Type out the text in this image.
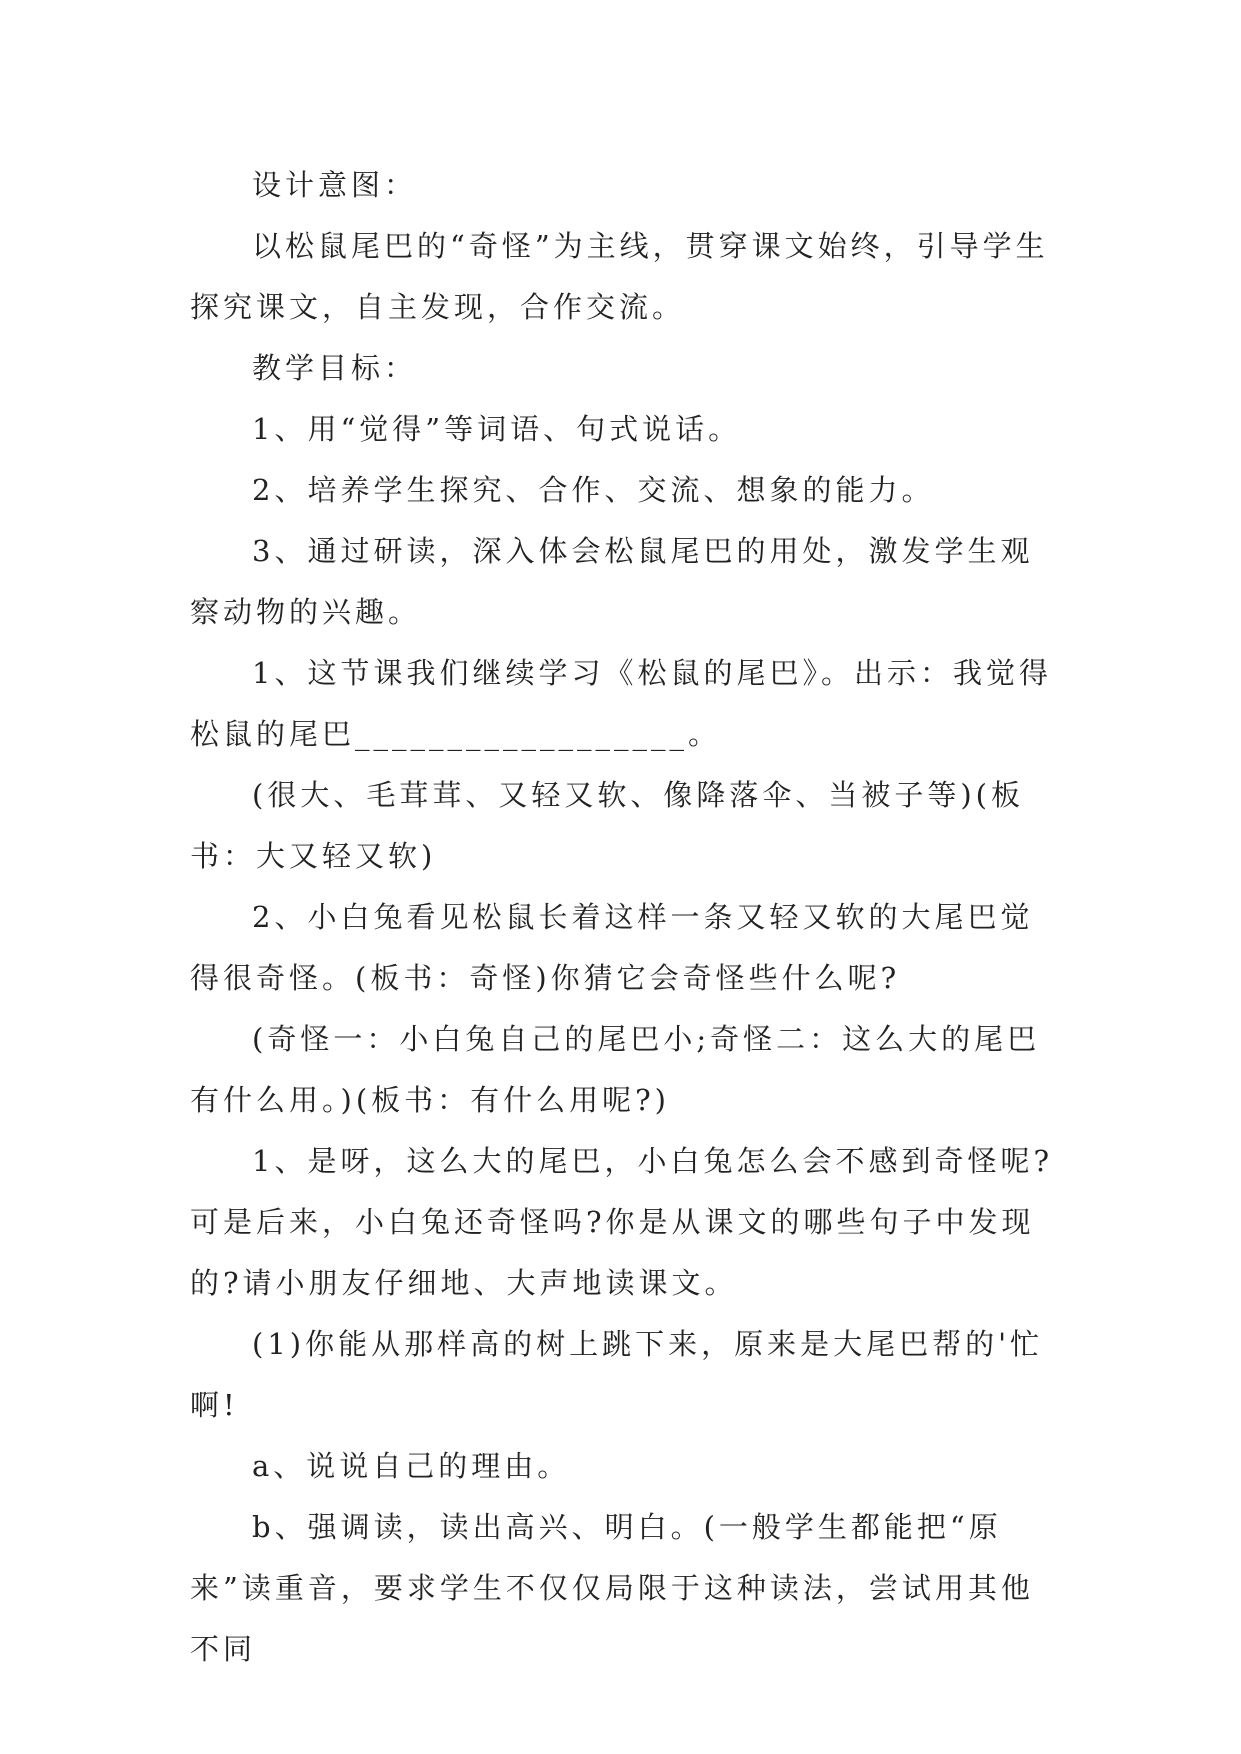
设计意图：

以松鼠尾巴的“奇怪”为主线，贯穿课文始终，引导学生探究课文，自主发现，合作交流。

教学目标：

1、用“觉得”等词语、句式说话。

2、培养学生探究、合作、交流、想象的能力。

3、通过研读，深入体会松鼠尾巴的用处，激发学生观察动物的兴趣。

1、这节课我们继续学习《松鼠的尾巴》。出示：我觉得松鼠的尾巴__________________。

(很大、毛茸茸、又轻又软、像降落伞、当被子等)(板书：大又轻又软)

2、小白兔看见松鼠长着这样一条又轻又软的大尾巴觉得很奇怪。(板书：奇怪)你猜它会奇怪些什么呢?

(奇怪一：小白兔自己的尾巴小;奇怪二：这么大的尾巴有什么用。)(板书：有什么用呢?)

1、是呀，这么大的尾巴，小白兔怎么会不感到奇怪呢?可是后来，小白兔还奇怪吗?你是从课文的哪些句子中发现的?请小朋友仔细地、大声地读课文。

(1)你能从那样高的树上跳下来，原来是大尾巴帮的'忙啊!

a、说说自己的理由。

b、强调读，读出高兴、明白。(一般学生都能把“原来”读重音，要求学生不仅仅局限于这种读法，尝试用其他不同
